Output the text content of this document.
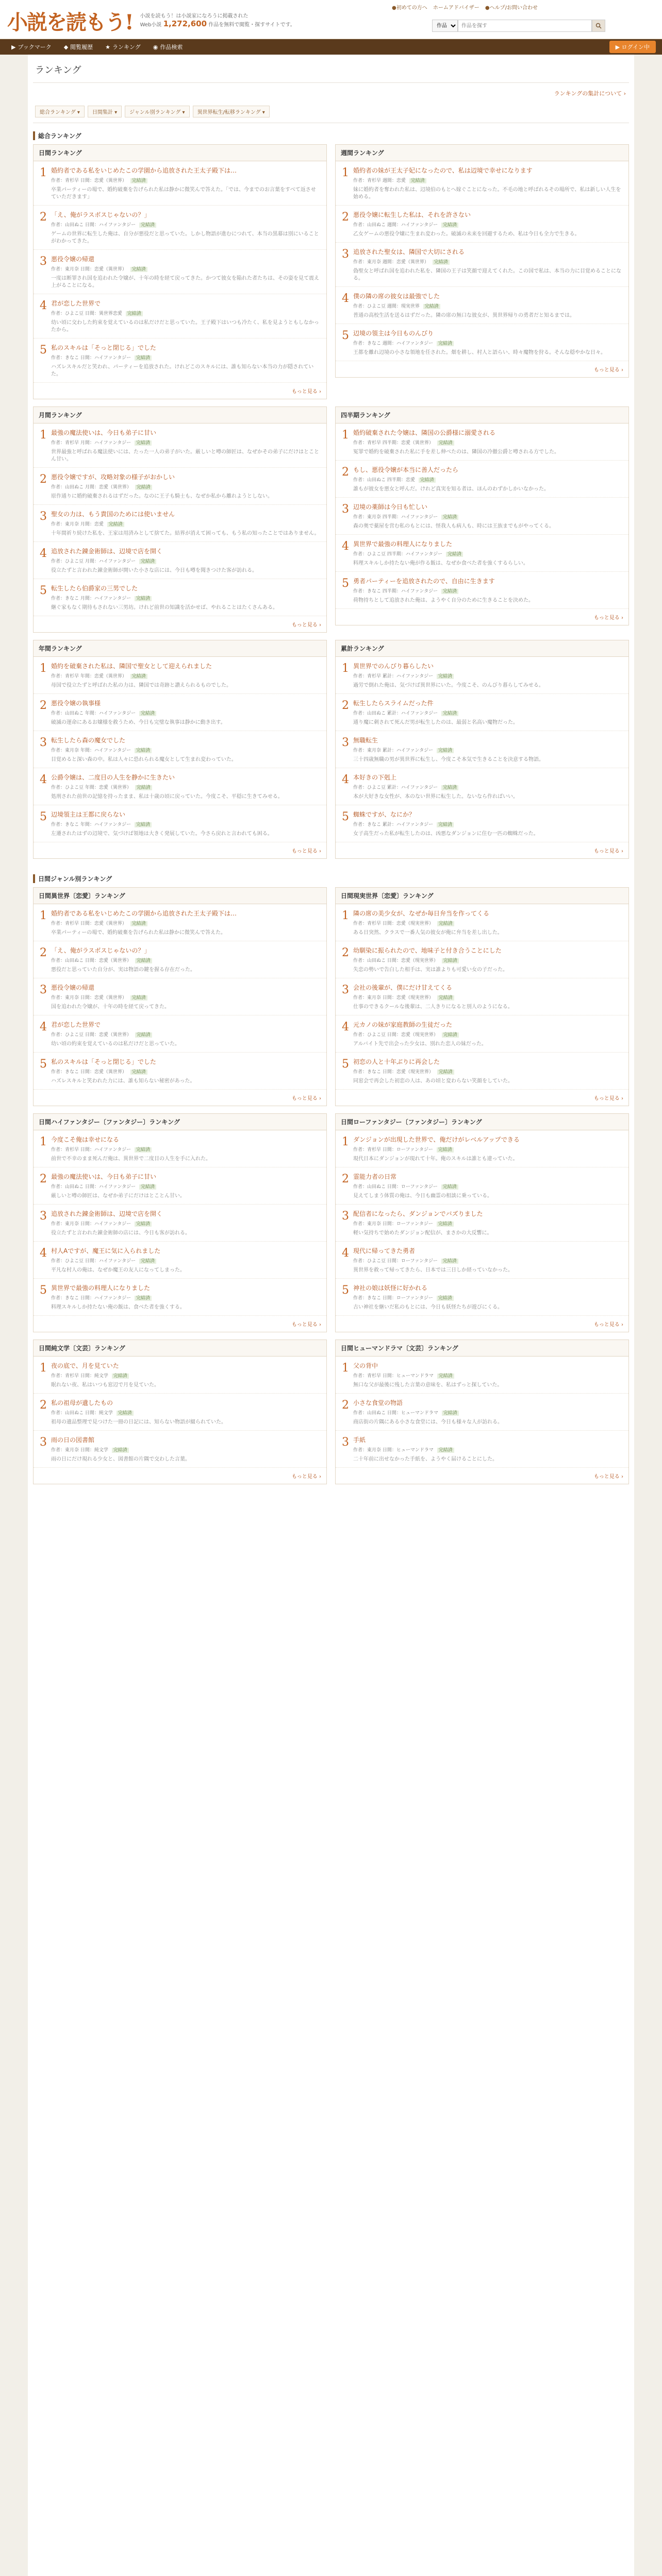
小説を読もう! 小説を読もう！は小説家になろうに掲載された
Web小説 1,272,600 作品を無料で閲覧・探すサイトです。
●初めての方へ ホームアドバイザー ●ヘルプ/お問い合わせ
作品
作品を探す
▶ ブックマーク ◆ 閲覧履歴 ★ ランキング ◉ 作品検索	▶ ログイン中
ランキング
ランキングの集計について ›
総合ランキング ▾	日間集計 ▾	ジャンル別ランキング ▾	異世界転生/転移ランキング ▾
総合ランキング
日間ランキング
1 婚約者である私をいじめたこの学園から追放された王太子殿下は…
作者：青杉早 日間：恋愛（異世界） 完結済
卒業パーティーの場で、婚約破棄を告げられた私は静かに微笑んで答えた。「では、今までのお言葉をすべて返させていただきます」
2 「え、俺がラスボスじゃないの？」
作者：山田ぬこ 日間：ハイファンタジー 完結済
ゲームの世界に転生した俺は、自分が悪役だと思っていた。しかし物語が進むにつれて、本当の黒幕は別にいることがわかってきた。
3 悪役令嬢の帰還
作者：東月奈 日間：恋愛（異世界） 完結済
一度は断罪され国を追われた令嬢が、十年の時を経て戻ってきた。かつて彼女を陥れた者たちは、その姿を見て震え上がることになる。
4 君が恋した世界で
作者：ひよこ豆 日間：異世界恋愛 完結済
幼い頃に交わした約束を覚えているのは私だけだと思っていた。王子殿下はいつも冷たく、私を見ようともしなかったから。
5 私のスキルは「そっと閉じる」でした
作者：きなこ 日間：ハイファンタジー 完結済
ハズレスキルだと笑われ、パーティーを追放された。けれどこのスキルには、誰も知らない本当の力が隠されていた。
もっと見る ›
週間ランキング
1 婚約者の妹が王太子妃になったので、私は辺境で幸せになります
作者：青杉早 週間：恋愛 完結済
妹に婚約者を奪われた私は、辺境伯のもとへ嫁ぐことになった。不毛の地と呼ばれるその場所で、私は新しい人生を始める。
2 悪役令嬢に転生した私は、それを許さない
作者：山田ぬこ 週間：ハイファンタジー 完結済
乙女ゲームの悪役令嬢に生まれ変わった。破滅の未来を回避するため、私は今日も全力で生きる。
3 追放された聖女は、隣国で大切にされる
作者：東月奈 週間：恋愛（異世界） 完結済
偽聖女と呼ばれ国を追われた私を、隣国の王子は笑顔で迎えてくれた。この国で私は、本当の力に目覚めることになる。
4 僕の隣の席の彼女は最強でした
作者：ひよこ豆 週間：現実世界 完結済
普通の高校生活を送るはずだった。隣の席の無口な彼女が、異世界帰りの勇者だと知るまでは。
5 辺境の領主は今日ものんびり
作者：きなこ 週間：ハイファンタジー 完結済
王都を離れ辺境の小さな領地を任された。畑を耕し、村人と語らい、時々魔物を狩る。そんな穏やかな日々。
もっと見る ›
月間ランキング
1 最強の魔法使いは、今日も弟子に甘い
作者：青杉早 月間：ハイファンタジー 完結済
世界最強と呼ばれる魔法使いには、たった一人の弟子がいた。厳しいと噂の師匠は、なぜかその弟子にだけはとことん甘い。
2 悪役令嬢ですが、攻略対象の様子がおかしい
作者：山田ぬこ 月間：恋愛（異世界） 完結済
原作通りに婚約破棄されるはずだった。なのに王子も騎士も、なぜか私から離れようとしない。
3 聖女の力は、もう貴国のためには使いません
作者：東月奈 月間：恋愛 完結済
十年間祈り続けた私を、王家は用済みとして捨てた。結界が消えて困っても、もう私の知ったことではありません。
4 追放された錬金術師は、辺境で店を開く
作者：ひよこ豆 月間：ハイファンタジー 完結済
役立たずと言われた錬金術師が開いた小さな店には、今日も噂を聞きつけた客が訪れる。
5 転生したら伯爵家の三男でした
作者：きなこ 月間：ハイファンタジー 完結済
継ぐ家もなく期待もされない三男坊。けれど前世の知識を活かせば、やれることはたくさんある。
もっと見る ›
四半期ランキング
1 婚約破棄された令嬢は、隣国の公爵様に溺愛される
作者：青杉早 四半期：恋愛（異世界） 完結済
冤罪で婚約を破棄された私に手を差し伸べたのは、隣国の冷徹公爵と噂される方でした。
2 もし、悪役令嬢が本当に善人だったら
作者：山田ぬこ 四半期：恋愛 完結済
誰もが彼女を悪女と呼んだ。けれど真実を知る者は、ほんのわずかしかいなかった。
3 辺境の薬師は今日も忙しい
作者：東月奈 四半期：ハイファンタジー 完結済
森の奥で薬屋を営む私のもとには、怪我人も病人も、時には王族までもがやってくる。
4 異世界で最強の料理人になりました
作者：ひよこ豆 四半期：ハイファンタジー 完結済
料理スキルしか持たない俺が作る飯は、なぜか食べた者を強くするらしい。
5 勇者パーティーを追放されたので、自由に生きます
作者：きなこ 四半期：ハイファンタジー 完結済
荷物持ちとして追放された俺は、ようやく自分のために生きることを決めた。
もっと見る ›
年間ランキング
1 婚約を破棄された私は、隣国で聖女として迎えられました
作者：青杉早 年間：恋愛（異世界） 完結済
母国で役立たずと呼ばれた私の力は、隣国では奇跡と讃えられるものでした。
2 悪役令嬢の執事様
作者：山田ぬこ 年間：ハイファンタジー 完結済
破滅の運命にあるお嬢様を救うため、今日も完璧な執事は静かに動き出す。
3 転生したら森の魔女でした
作者：東月奈 年間：ハイファンタジー 完結済
目覚めると深い森の中。私は人々に恐れられる魔女として生まれ変わっていた。
4 公爵令嬢は、二度目の人生を静かに生きたい
作者：ひよこ豆 年間：恋愛（異世界） 完結済
処刑された前世の記憶を持ったまま、私は十歳の頃に戻っていた。今度こそ、平穏に生きてみせる。
5 辺境領主は王都に戻らない
作者：きなこ 年間：ハイファンタジー 完結済
左遷されたはずの辺境で、気づけば領地は大きく発展していた。今さら戻れと言われても困る。
もっと見る ›
累計ランキング
1 異世界でのんびり暮らしたい
作者：青杉早 累計：ハイファンタジー 完結済
過労で倒れた俺は、気づけば異世界にいた。今度こそ、のんびり暮らしてみせる。
2 転生したらスライムだった件
作者：山田ぬこ 累計：ハイファンタジー 完結済
通り魔に刺されて死んだ男が転生したのは、最弱と名高い魔物だった。
3 無職転生
作者：東月奈 累計：ハイファンタジー 完結済
三十四歳無職の男が異世界に転生し、今度こそ本気で生きることを決意する物語。
4 本好きの下剋上
作者：ひよこ豆 累計：ハイファンタジー 完結済
本が大好きな女性が、本のない世界に転生した。ないなら作ればいい。
5 蜘蛛ですが、なにか？
作者：きなこ 累計：ハイファンタジー 完結済
女子高生だった私が転生したのは、凶悪なダンジョンに住む一匹の蜘蛛だった。
もっと見る ›
日間ジャンル別ランキング
日間異世界〔恋愛〕ランキング
1 婚約者である私をいじめたこの学園から追放された王太子殿下は…
作者：青杉早 日間：恋愛（異世界） 完結済
卒業パーティーの場で、婚約破棄を告げられた私は静かに微笑んで答えた。
2 「え、俺がラスボスじゃないの？」
作者：山田ぬこ 日間：恋愛（異世界） 完結済
悪役だと思っていた自分が、実は物語の鍵を握る存在だった。
3 悪役令嬢の帰還
作者：東月奈 日間：恋愛（異世界） 完結済
国を追われた令嬢が、十年の時を経て戻ってきた。
4 君が恋した世界で
作者：ひよこ豆 日間：恋愛（異世界） 完結済
幼い頃の約束を覚えているのは私だけだと思っていた。
5 私のスキルは「そっと閉じる」でした
作者：きなこ 日間：恋愛（異世界） 完結済
ハズレスキルと笑われた力には、誰も知らない秘密があった。
もっと見る ›
日間現実世界〔恋愛〕ランキング
1 隣の席の美少女が、なぜか毎日弁当を作ってくる
作者：青杉早 日間：恋愛（現実世界） 完結済
ある日突然、クラスで一番人気の彼女が俺に弁当を差し出した。
2 幼馴染に振られたので、地味子と付き合うことにした
作者：山田ぬこ 日間：恋愛（現実世界） 完結済
失恋の勢いで告白した相手は、実は誰よりも可愛い女の子だった。
3 会社の後輩が、僕にだけ甘えてくる
作者：東月奈 日間：恋愛（現実世界） 完結済
仕事のできるクールな後輩は、二人きりになると別人のようになる。
4 元カノの妹が家庭教師の生徒だった
作者：ひよこ豆 日間：恋愛（現実世界） 完結済
アルバイト先で出会った少女は、別れた恋人の妹だった。
5 初恋の人と十年ぶりに再会した
作者：きなこ 日間：恋愛（現実世界） 完結済
同窓会で再会した初恋の人は、あの頃と変わらない笑顔をしていた。
もっと見る ›
日間ハイファンタジー〔ファンタジー〕ランキング
1 今度こそ俺は幸せになる
作者：青杉早 日間：ハイファンタジー 完結済
前世で不幸のまま死んだ俺は、異世界で二度目の人生を手に入れた。
2 最強の魔法使いは、今日も弟子に甘い
作者：山田ぬこ 日間：ハイファンタジー 完結済
厳しいと噂の師匠は、なぜか弟子にだけはとことん甘い。
3 追放された錬金術師は、辺境で店を開く
作者：東月奈 日間：ハイファンタジー 完結済
役立たずと言われた錬金術師の店には、今日も客が訪れる。
4 村人Aですが、魔王に気に入られました
作者：ひよこ豆 日間：ハイファンタジー 完結済
平凡な村人の俺は、なぜか魔王の友人になってしまった。
5 異世界で最強の料理人になりました
作者：きなこ 日間：ハイファンタジー 完結済
料理スキルしか持たない俺の飯は、食べた者を強くする。
もっと見る ›
日間ローファンタジー〔ファンタジー〕ランキング
1 ダンジョンが出現した世界で、俺だけがレベルアップできる
作者：青杉早 日間：ローファンタジー 完結済
現代日本にダンジョンが現れて十年。俺のスキルは誰とも違っていた。
2 霊能力者の日常
作者：山田ぬこ 日間：ローファンタジー 完結済
見えてしまう体質の俺は、今日も幽霊の相談に乗っている。
3 配信者になったら、ダンジョンでバズりました
作者：東月奈 日間：ローファンタジー 完結済
軽い気持ちで始めたダンジョン配信が、まさかの大反響に。
4 現代に帰ってきた勇者
作者：ひよこ豆 日間：ローファンタジー 完結済
異世界を救って帰ってきたら、日本では三日しか経っていなかった。
5 神社の娘は妖怪に好かれる
作者：きなこ 日間：ローファンタジー 完結済
古い神社を継いだ私のもとには、今日も妖怪たちが遊びにくる。
もっと見る ›
日間純文学〔文芸〕ランキング
1 夜の底で、月を見ていた
作者：青杉早 日間：純文学 完結済
眠れない夜、私はいつも窓辺で月を見ていた。
2 私の祖母が遺したもの
作者：山田ぬこ 日間：純文学 完結済
祖母の遺品整理で見つけた一冊の日記には、知らない物語が綴られていた。
3 雨の日の図書館
作者：東月奈 日間：純文学 完結済
雨の日にだけ現れる少女と、図書館の片隅で交わした言葉。
もっと見る ›
日間ヒューマンドラマ〔文芸〕ランキング
1 父の背中
作者：青杉早 日間：ヒューマンドラマ 完結済
無口な父が最後に残した言葉の意味を、私はずっと探していた。
2 小さな食堂の物語
作者：山田ぬこ 日間：ヒューマンドラマ 完結済
商店街の片隅にある小さな食堂には、今日も様々な人が訪れる。
3 手紙
作者：東月奈 日間：ヒューマンドラマ 完結済
二十年前に出せなかった手紙を、ようやく届けることにした。
もっと見る ›
